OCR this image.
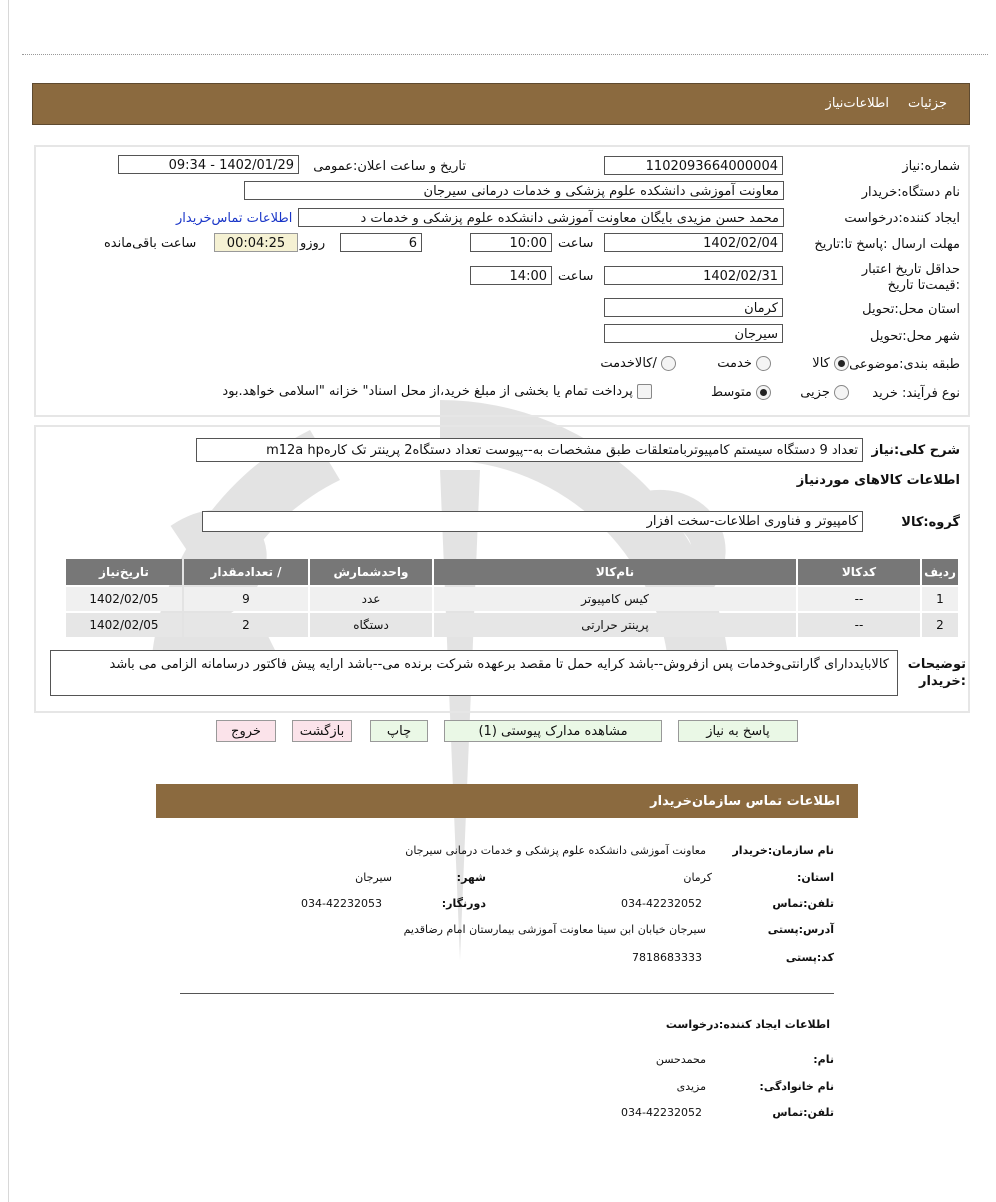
جزئیات
اطلاعات‌نیاز
شماره:نیاز
1102093664000004
تاریخ و ساعت اعلان:عمومی
1402/01/29 - 09:34
نام دستگاه:خریدار
معاونت آموزشی دانشکده علوم پزشکی و خدمات درمانی سیرجان
ایجاد کننده:درخواست
محمد حسن مزیدی بایگان معاونت آموزشی دانشکده علوم پزشکی و خدمات د
اطلاعات تماس‌خریدار
مهلت ارسال :پاسخ تا:تاریخ
1402/02/04
ساعت
10:00
6
روزو
00:04:25
ساعت باقی‌مانده
حداقل تاریخ اعتبار :قیمت‌تا تاریخ
1402/02/31
ساعت
14:00
استان محل:تحویل
کرمان
شهر محل:تحویل
سیرجان
طبقه بندی:موضوعی
کالا
خدمت
/کالاخدمت
نوع فرآیند: خرید
جزیی
متوسط
پرداخت تمام یا بخشی از مبلغ خرید،از محل اسناد" خزانه "اسلامی خواهد.بود
شرح کلی:نیاز
تعداد 9 دستگاه سیستم کامپیوتربامتعلقات طبق مشخصات به--پیوست تعداد دستگاه2 پرینتر تک کارهm12a hp
اطلاعات کالاهای موردنیاز
گروه:کالا
کامپیوتر و فناوری اطلاعات-سخت افزار
ردیف	کدکالا	نام‌کالا	واحدشمارش	/ تعدادمقدار	تاریخ‌نیاز
1	--	کیس کامپیوتر	عدد	9	1402/02/05
2	--	پرینتر حرارتی	دستگاه	2	1402/02/05
توضیحات :خریدار
کالابایددارای گارانتی‌وخدمات پس ازفروش--باشد کرایه حمل تا مقصد برعهده شرکت برنده می--باشد ارایه پیش فاکتور درسامانه الزامی می باشد
پاسخ به نیاز
مشاهده مدارک پیوستی (1)
چاپ
بازگشت
خروج
اطلاعات تماس سازمان‌خریدار
نام سازمان:خریدار
معاونت آموزشی دانشکده علوم پزشکی و خدمات درمانی سیرجان
استان:
کرمان
شهر:
سیرجان
تلفن:تماس
034-42232052
دورنگار:
034-42232053
آدرس:پستی
سیرجان خیابان ابن سینا معاونت آموزشی بیمارستان امام رضاقدیم
کد:پستی
7818683333
اطلاعات ایجاد کننده:درخواست
نام:
محمدحسن
نام خانوادگی:
مزیدی
تلفن:تماس
034-42232052
